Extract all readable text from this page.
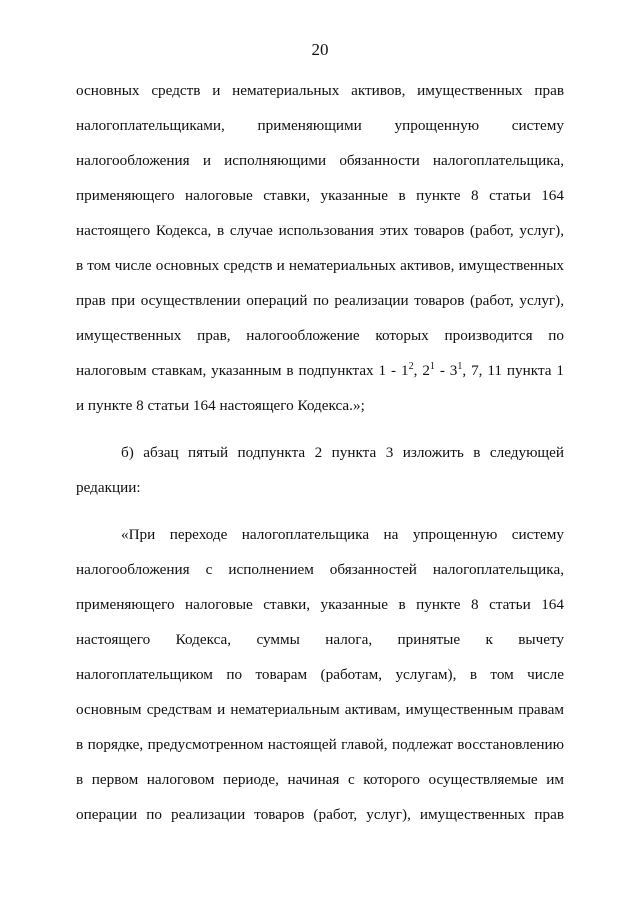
20
основных средств и нематериальных активов, имущественных прав
налогоплательщиками, применяющими упрощенную систему
налогообложения и исполняющими обязанности налогоплательщика,
применяющего налоговые ставки, указанные в пункте 8 статьи 164
настоящего Кодекса, в случае использования этих товаров (работ, услуг),
в том числе основных средств и нематериальных активов, имущественных
прав при осуществлении операций по реализации товаров (работ, услуг),
имущественных прав, налогообложение которых производится по
налоговым ставкам, указанным в подпунктах $1 - 1^2$, $2^1 - 3^1$, 7, 11 пункта 1
и пункте 8 статьи 164 настоящего Кодекса.»;
б) абзац пятый подпункта 2 пункта 3 изложить в следующей
редакции:
«При переходе налогоплательщика на упрощенную систему
налогообложения с исполнением обязанностей налогоплательщика,
применяющего налоговые ставки, указанные в пункте 8 статьи 164
настоящего Кодекса, суммы налога, принятые к вычету
налогоплательщиком по товарам (работам, услугам), в том числе
основным средствам и нематериальным активам, имущественным правам
в порядке, предусмотренном настоящей главой, подлежат восстановлению
в первом налоговом периоде, начиная с которого осуществляемые им
операции по реализации товаров (работ, услуг), имущественных прав
